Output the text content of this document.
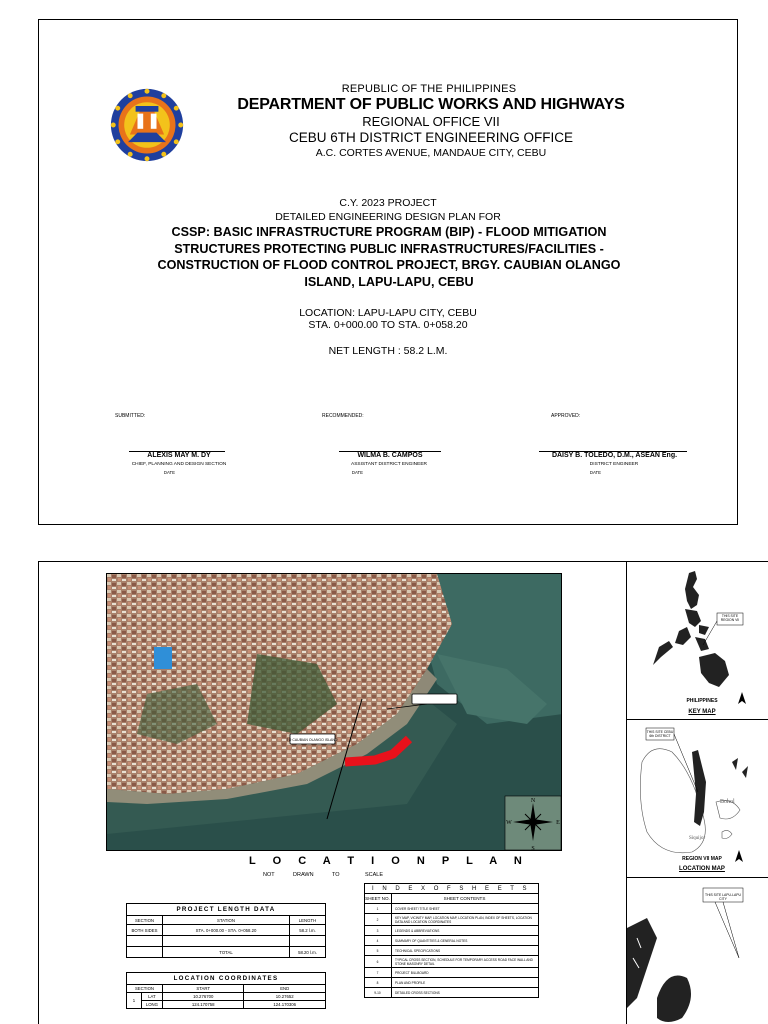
REPUBLIC OF THE PHILIPPINES
DEPARTMENT OF PUBLIC WORKS AND HIGHWAYS
REGIONAL OFFICE VII
CEBU 6TH DISTRICT ENGINEERING OFFICE
A.C. CORTES AVENUE, MANDAUE CITY, CEBU
C.Y. 2023 PROJECT
DETAILED ENGINEERING DESIGN PLAN FOR
CSSP: BASIC INFRASTRUCTURE PROGRAM (BIP) - FLOOD MITIGATION
STRUCTURES PROTECTING PUBLIC INFRASTRUCTURES/FACILITIES -
CONSTRUCTION OF FLOOD CONTROL PROJECT, BRGY. CAUBIAN OLANGO
ISLAND, LAPU-LAPU, CEBU
LOCATION: LAPU-LAPU CITY, CEBU
STA. 0+000.00 TO STA. 0+058.20
NET LENGTH : 58.2 L.M.
SUBMITTED:	RECOMMENDED:	APPROVED:
ALEXIS MAY M. DY	WILMA B. CAMPOS	DAISY B. TOLEDO, D.M., ASEAN Eng.
CHIEF, PLANNING AND DESIGN SECTION	ASSISTANT DISTRICT ENGINEER	DISTRICT ENGINEER
DATE	DATE	DATE
TO CAUBIAN OLANGO ISLAND
N
S
E
W
L O C A T I O N P L A N
NOT	DRAWN	TO	SCALE
PROJECT LENGTH DATA		
SECTION	STATION	LENGTH
BOTH SIDES	STA. 0+000.00 - STA. 0+058.20	58.2 l.m.

	TOTAL	58.20 l.m.
LOCATION COORDINATES			
SECTION		START	END
1	LAT	10.276700	10.27652
	LONG	124.170758	124.170306
I N D E X O F S H E E T S	
SHEET NO.	SHEET CONTENTS
1	COVER SHEET/ TITLE SHEET
2	KEY MAP, VICINITY MAP, LOCATION MAP, LOCATION PLAN, INDEX OF SHEETS, LOCATION DATA AND LOCATION COORDINATES
3	LEGENDS & ABBREVIATIONS
4	SUMMARY OF QUANTITIES & GENERAL NOTES
5	TECHNICAL SPECIFICATIONS
6	TYPICAL CROSS SECTION, SCHEDULE FOR TEMPORARY ACCESS ROAD FACE WALL AND STONE MASONRY DETAIL
7	PROJECT BILLBOARD
8	PLAN AND PROFILE
9-10	DETAILED CROSS SECTIONS
THIS SITE REGION VII
PHILIPPINES
KEY MAP
THIS SITE CEBU 6th DISTRICT
Bohol
Siquijor
REGION VII MAP
LOCATION MAP
THIS SITE LAPU-LAPU CITY
